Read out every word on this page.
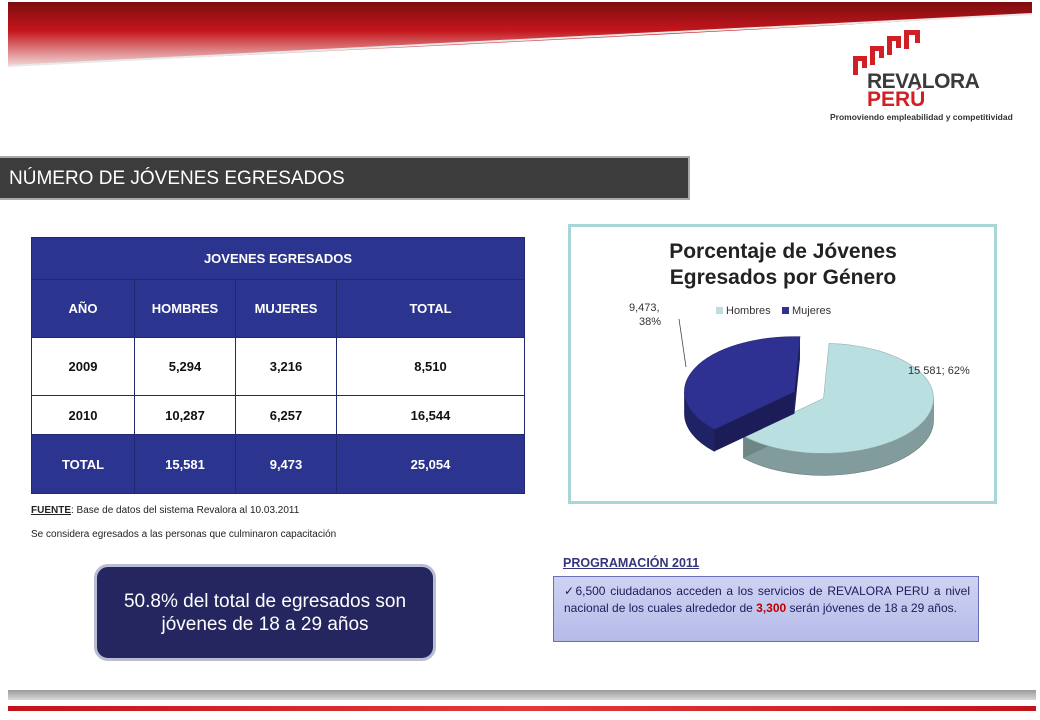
REVALORA
PERÚ
Promoviendo empleabilidad y competitividad
NÚMERO DE JÓVENES EGRESADOS
JOVENES EGRESADOS			
AÑO	HOMBRES	MUJERES	TOTAL
2009	5,294	3,216	8,510
2010	10,287	6,257	16,544
TOTAL	15,581	9,473	25,054
FUENTE: Base de datos del sistema Revalora al 10.03.2011
Se considera egresados a las personas que culminaron capacitación
50.8% del total de egresados son jóvenes de 18 a 29 años
PROGRAMACIÓN 2011
✓6,500 ciudadanos acceden a los servicios de REVALORA PERU a nivel nacional de los cuales alrededor de 3,300 serán jóvenes de 18 a 29 años.
Porcentaje de Jóvenes
Egresados por Género
Hombres Mujeres
15 581; 62%
9,473, 38%
